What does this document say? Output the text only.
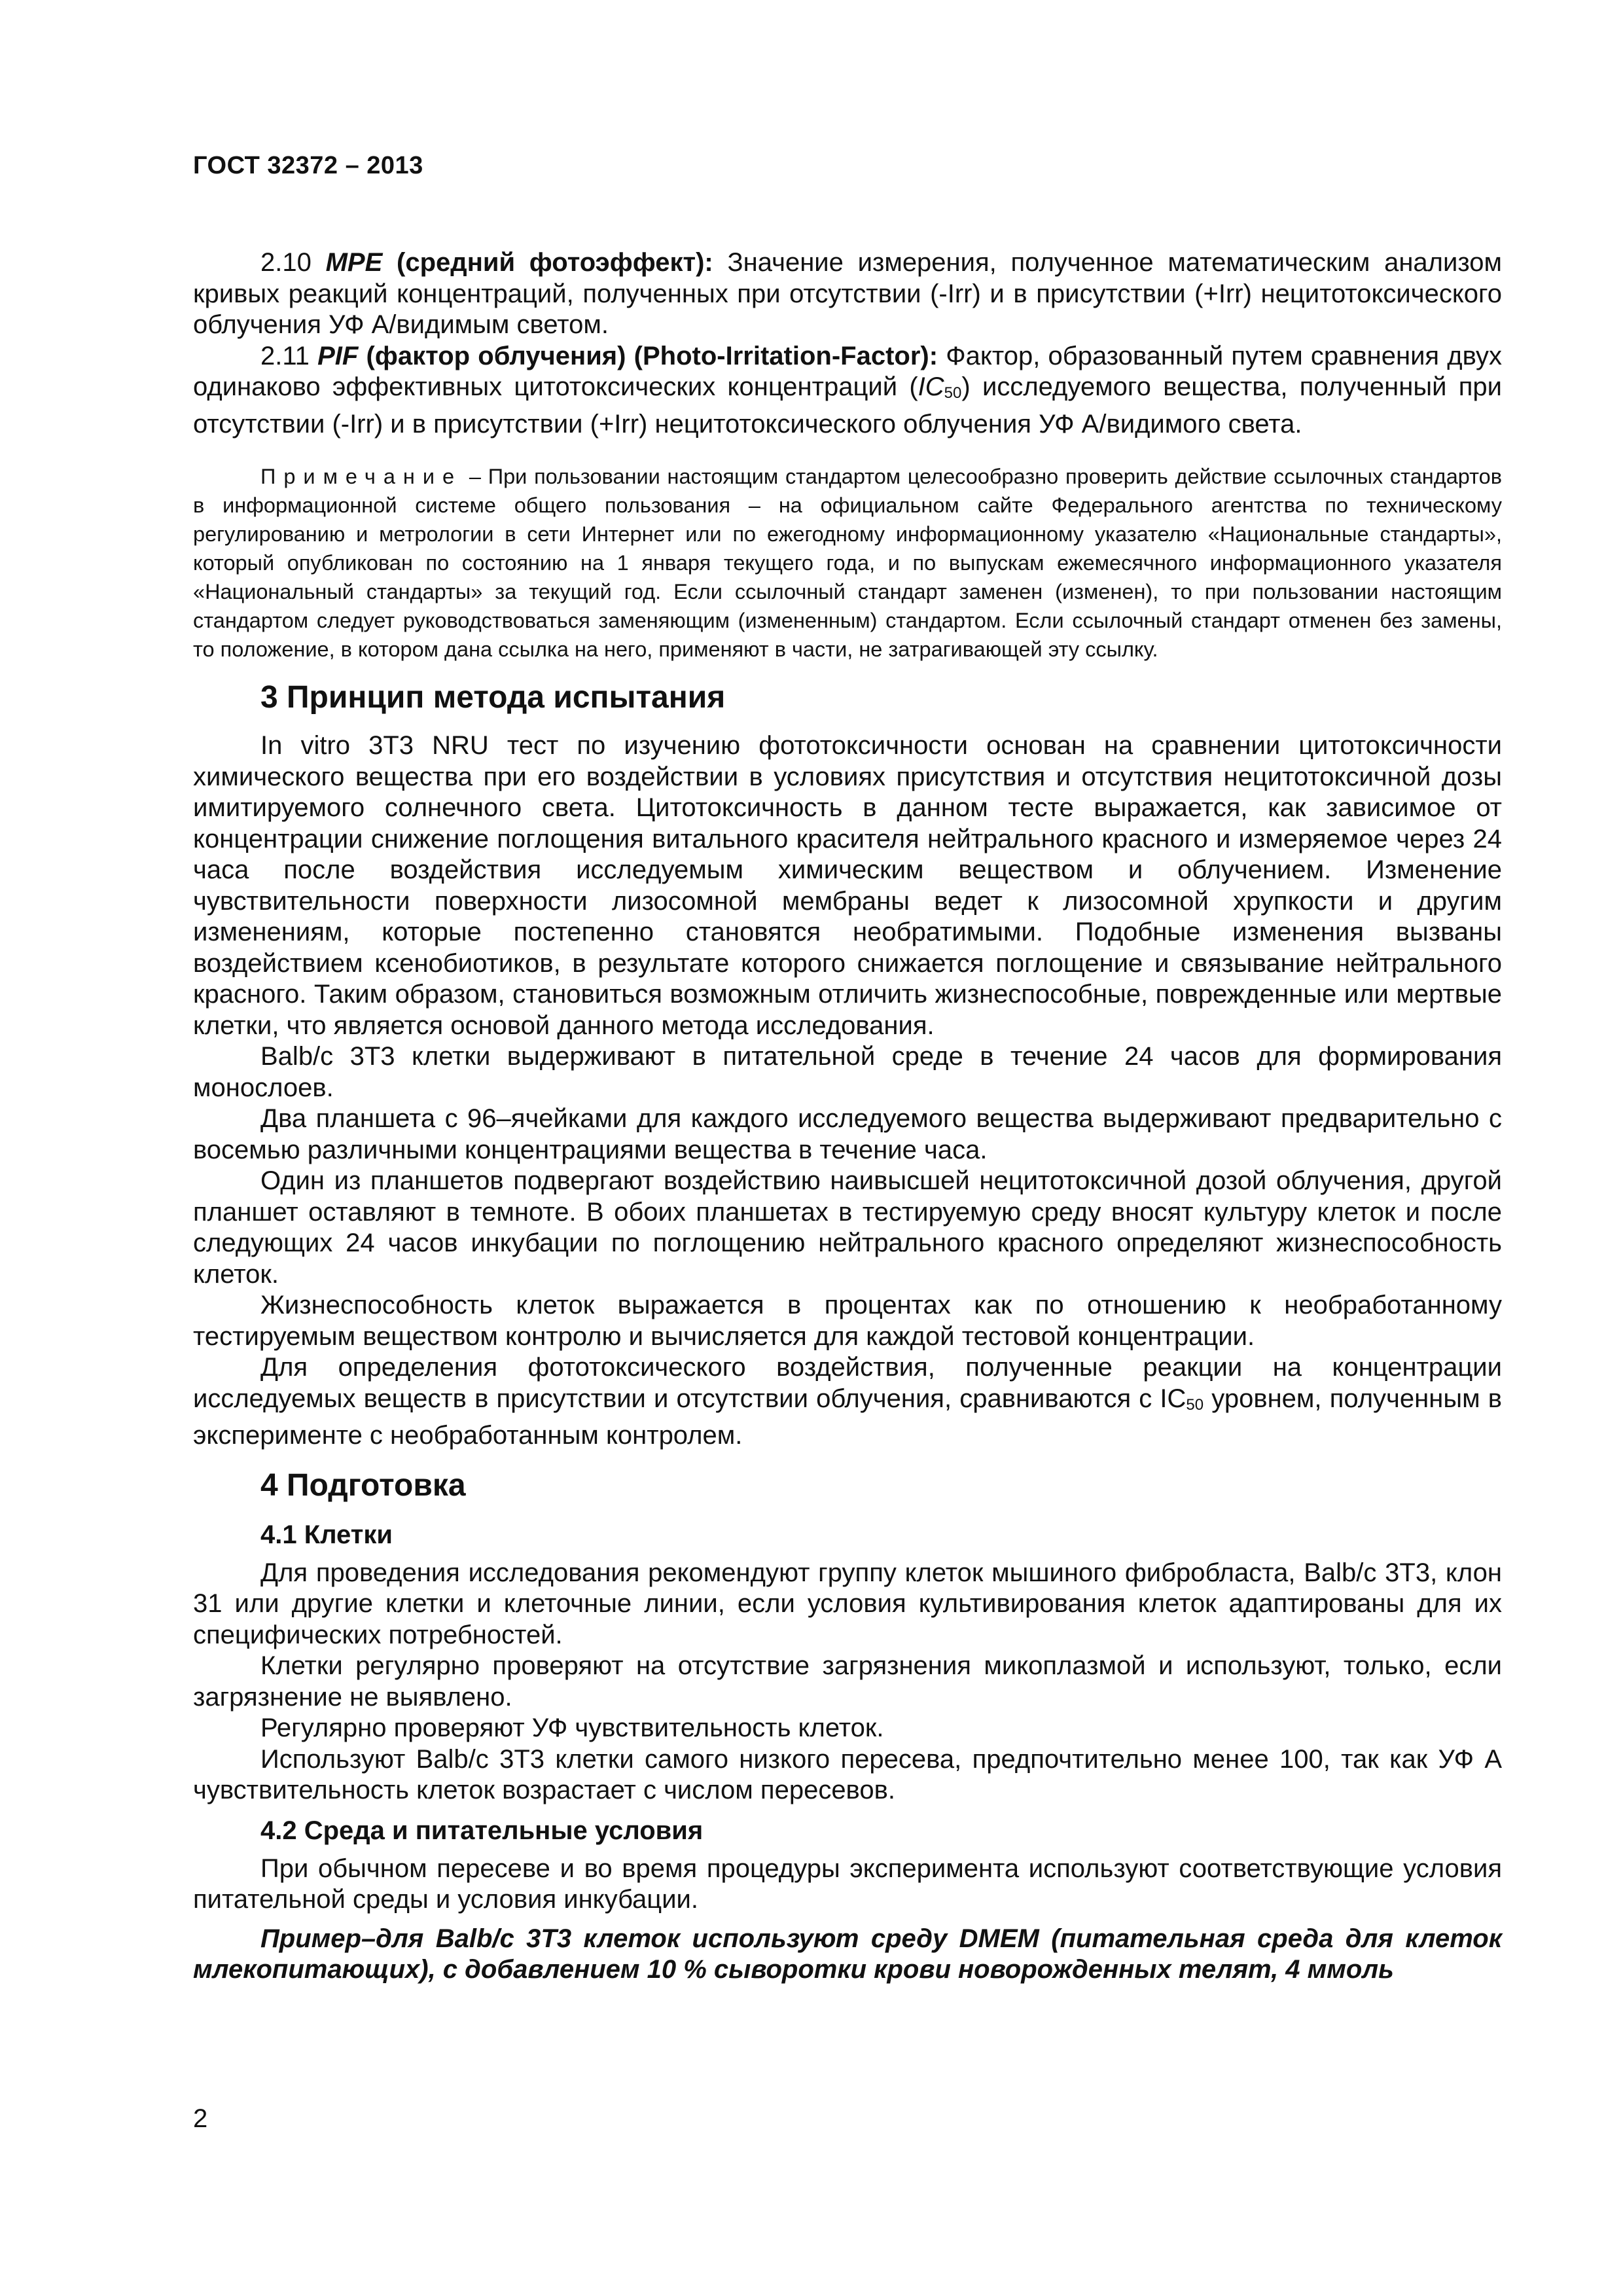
ГОСТ 32372 – 2013

2.10 MPE (средний фотоэффект): Значение измерения, полученное математическим анализом кривых реакций концентраций, полученных при отсутствии (-Irr) и в присутствии (+Irr) нецитотоксического облучения УФ А/видимым светом.

2.11 PIF (фактор облучения) (Photo-Irritation-Factor): Фактор, образованный путем сравнения двух одинаково эффективных цитотоксических концентраций $(IC_{50})$ исследуемого вещества, полученный при отсутствии (-Irr) и в присутствии (+Irr) нецитотоксического облучения УФ А/видимого света.

Примечание – При пользовании настоящим стандартом целесообразно проверить действие ссылочных стандартов в информационной системе общего пользования – на официальном сайте Федерального агентства по техническому регулированию и метрологии в сети Интернет или по ежегодному информационному указателю «Национальные стандарты», который опубликован по состоянию на 1 января текущего года, и по выпускам ежемесячного информационного указателя «Национальный стандарты» за текущий год. Если ссылочный стандарт заменен (изменен), то при пользовании настоящим стандартом следует руководствоваться заменяющим (измененным) стандартом. Если ссылочный стандарт отменен без замены, то положение, в котором дана ссылка на него, применяют в части, не затрагивающей эту ссылку.
3 Принцип метода испытания

In vitro 3T3 NRU тест по изучению фототоксичности основан на сравнении цитотоксичности химического вещества при его воздействии в условиях присутствия и отсутствия нецитотоксичной дозы имитируемого солнечного света. Цитотоксичность в данном тесте выражается, как зависимое от концентрации снижение поглощения витального красителя нейтрального красного и измеряемое через 24 часа после воздействия исследуемым химическим веществом и облучением. Изменение чувствительности поверхности лизосомной мембраны ведет к лизосомной хрупкости и другим изменениям, которые постепенно становятся необратимыми. Подобные изменения вызваны воздействием ксенобиотиков, в результате которого снижается поглощение и связывание нейтрального красного. Таким образом, становиться возможным отличить жизнеспособные, поврежденные или мертвые клетки, что является основой данного метода исследования.

Balb/c 3T3 клетки выдерживают в питательной среде в течение 24 часов для формирования монослоев.

Два планшета с 96–ячейками для каждого исследуемого вещества выдерживают предварительно с восемью различными концентрациями вещества в течение часа.

Один из планшетов подвергают воздействию наивысшей нецитотоксичной дозой облучения, другой планшет оставляют в темноте. В обоих планшетах в тестируемую среду вносят культуру клеток и после следующих 24 часов инкубации по поглощению нейтрального красного определяют жизнеспособность клеток.

Жизнеспособность клеток выражается в процентах как по отношению к необработанному тестируемым веществом контролю и вычисляется для каждой тестовой концентрации.

Для определения фототоксического воздействия, полученные реакции на концентрации исследуемых веществ в присутствии и отсутствии облучения, сравниваются с $IC_{50}$ уровнем, полученным в эксперименте с необработанным контролем.

4 Подготовка
4.1 Клетки

Для проведения исследования рекомендуют группу клеток мышиного фибробласта, Balb/c 3T3, клон 31 или другие клетки и клеточные линии, если условия культивирования клеток адаптированы для их специфических потребностей.

Клетки регулярно проверяют на отсутствие загрязнения микоплазмой и используют, только, если загрязнение не выявлено.

Регулярно проверяют УФ чувствительность клеток.

Используют Balb/c 3T3 клетки самого низкого пересева, предпочтительно менее 100, так как УФ А чувствительность клеток возрастает с числом пересевов.

4.2 Среда и питательные условия

При обычном пересеве и во время процедуры эксперимента используют соответствующие условия питательной среды и условия инкубации.

Пример–для Balb/c 3T3 клеток используют среду DMEM (питательная среда для клеток млекопитающих), с добавлением 10 % сыворотки крови новорожденных телят, 4 ммоль

2
